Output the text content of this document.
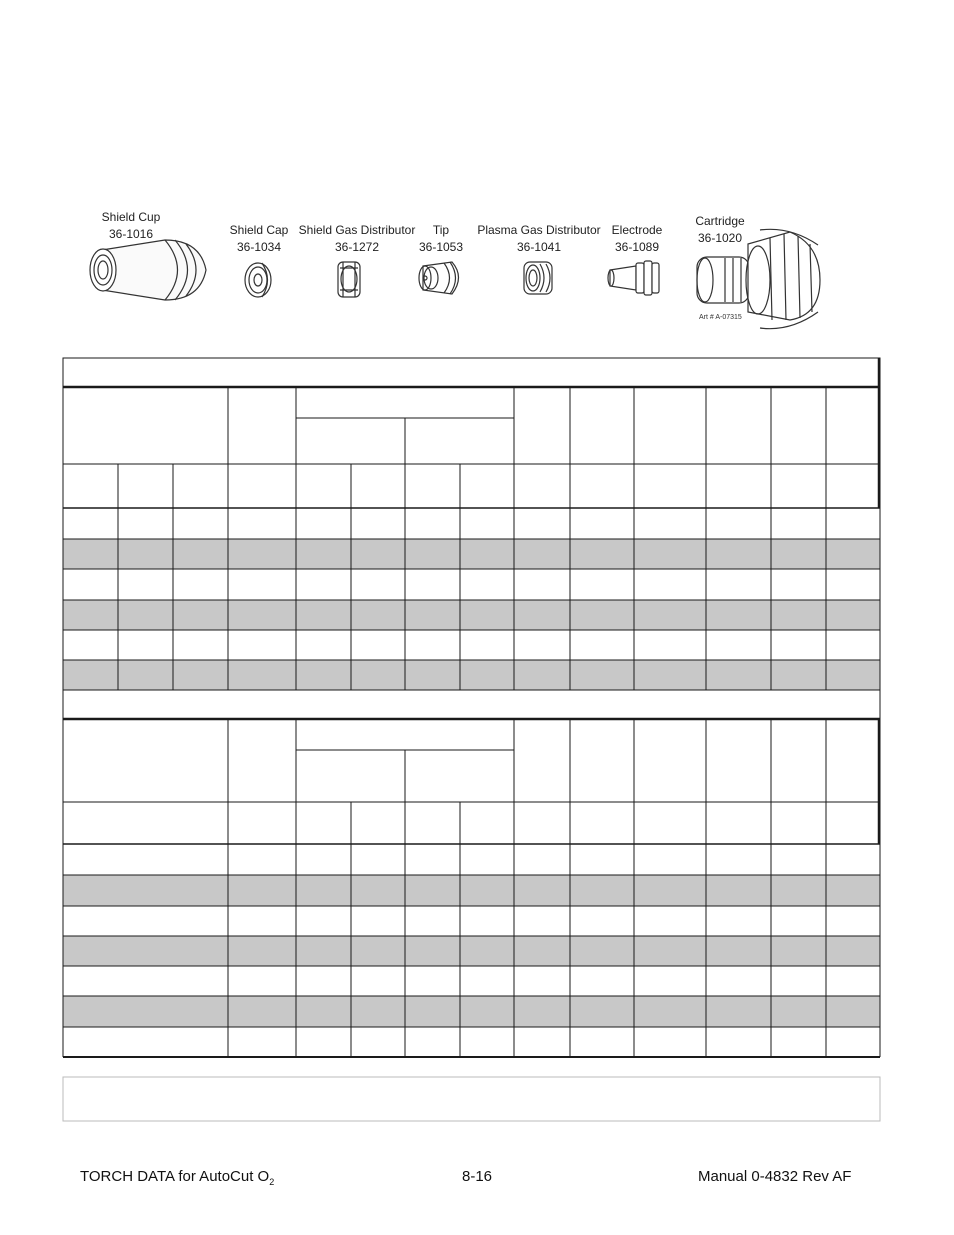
Shield Cup
36-1016	Shield Cap
36-1034
Shield Gas Distributor
36-1272
Tip
36-1053
Plasma Gas Distributor
36-1041
Electrode
36-1089
Cartridge
36-1020
Art # A-07315
TORCH DATA for AutoCut $O_2$	8-16	Manual 0-4832 Rev AF
